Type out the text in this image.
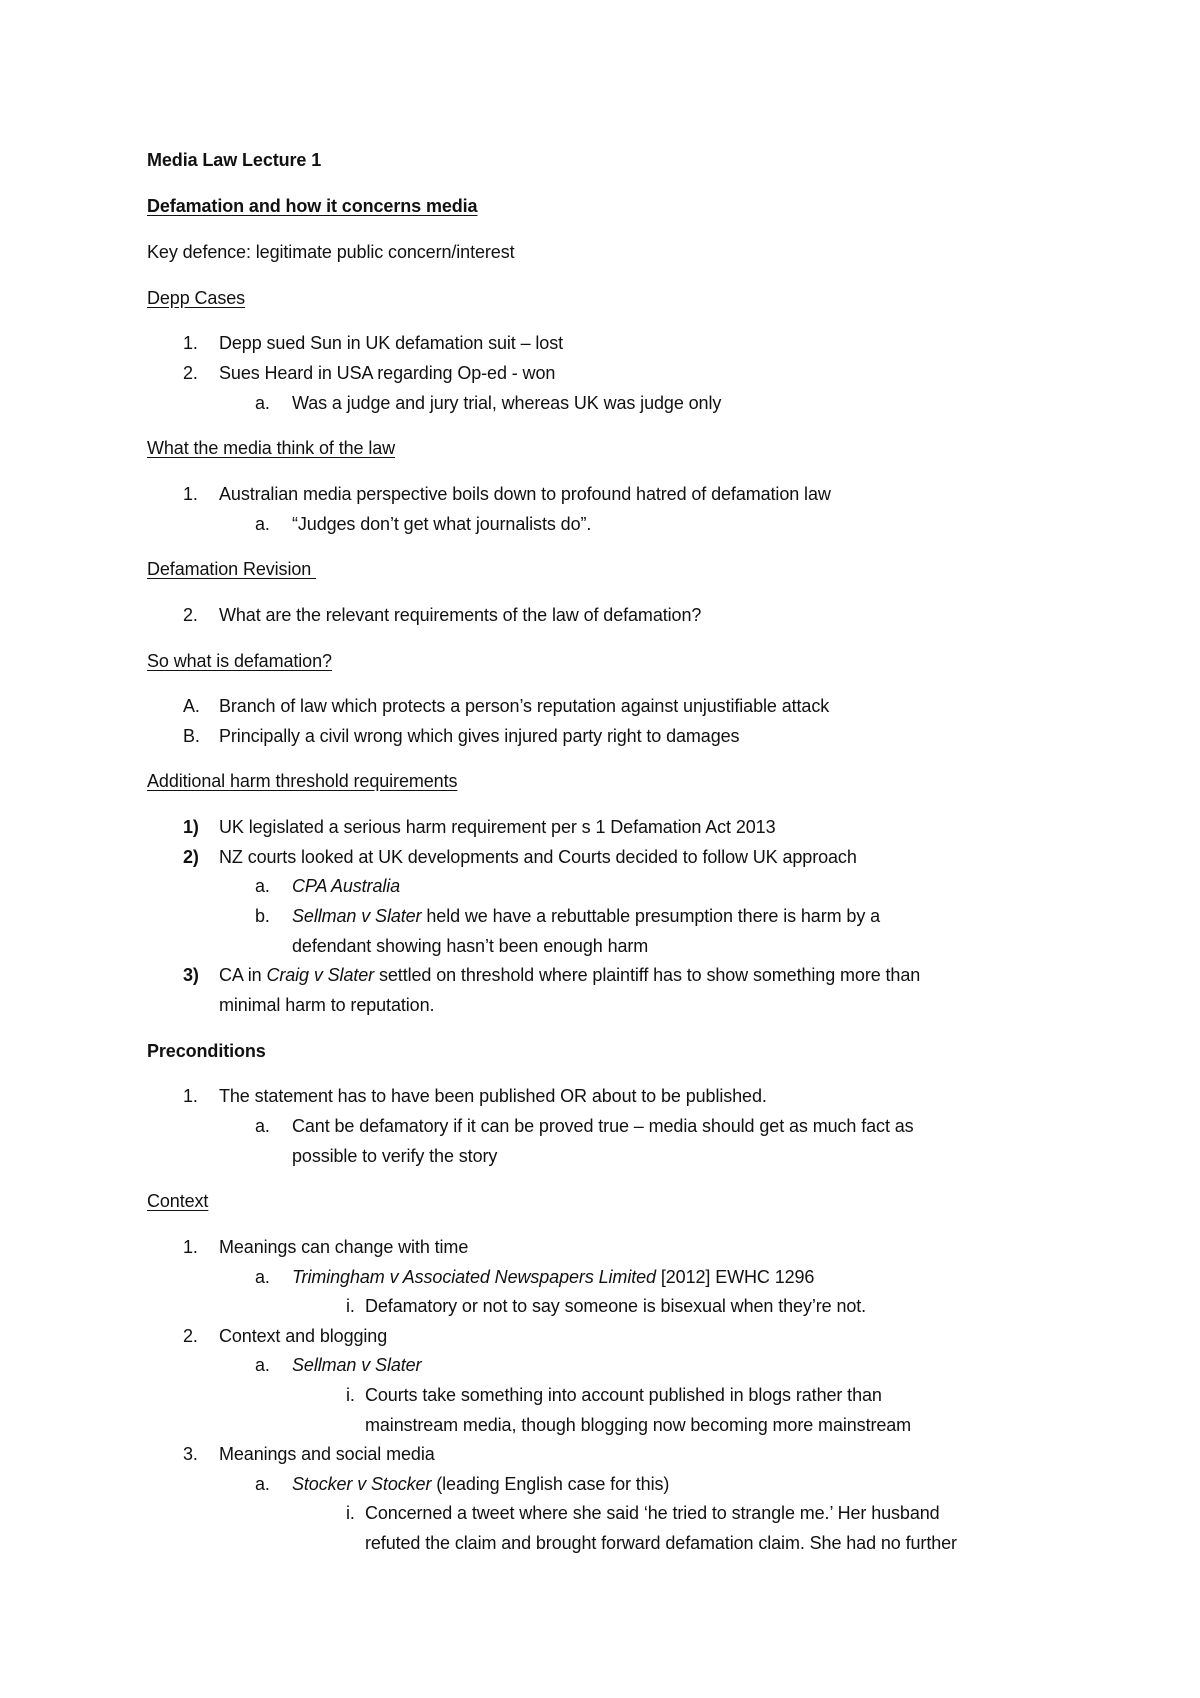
Media Law Lecture 1
Defamation and how it concerns media
Key defence: legitimate public concern/interest
Depp Cases
1. Depp sued Sun in UK defamation suit – lost
2. Sues Heard in USA regarding Op-ed - won
a. Was a judge and jury trial, whereas UK was judge only
What the media think of the law
1. Australian media perspective boils down to profound hatred of defamation law
a. “Judges don’t get what journalists do”.
Defamation Revision
2. What are the relevant requirements of the law of defamation?
So what is defamation?
A. Branch of law which protects a person’s reputation against unjustifiable attack
B. Principally a civil wrong which gives injured party right to damages
Additional harm threshold requirements
1) UK legislated a serious harm requirement per s 1 Defamation Act 2013
2) NZ courts looked at UK developments and Courts decided to follow UK approach
a. CPA Australia
b. Sellman v Slater held we have a rebuttable presumption there is harm by a
defendant showing hasn’t been enough harm
3) CA in Craig v Slater settled on threshold where plaintiff has to show something more than
minimal harm to reputation.
Preconditions
1. The statement has to have been published OR about to be published.
a. Cant be defamatory if it can be proved true – media should get as much fact as
possible to verify the story
Context
1. Meanings can change with time
a. Trimingham v Associated Newspapers Limited [2012] EWHC 1296
i. Defamatory or not to say someone is bisexual when they’re not.
2. Context and blogging
a. Sellman v Slater
i. Courts take something into account published in blogs rather than
mainstream media, though blogging now becoming more mainstream
3. Meanings and social media
a. Stocker v Stocker (leading English case for this)
i. Concerned a tweet where she said ‘he tried to strangle me.’ Her husband
refuted the claim and brought forward defamation claim. She had no further
